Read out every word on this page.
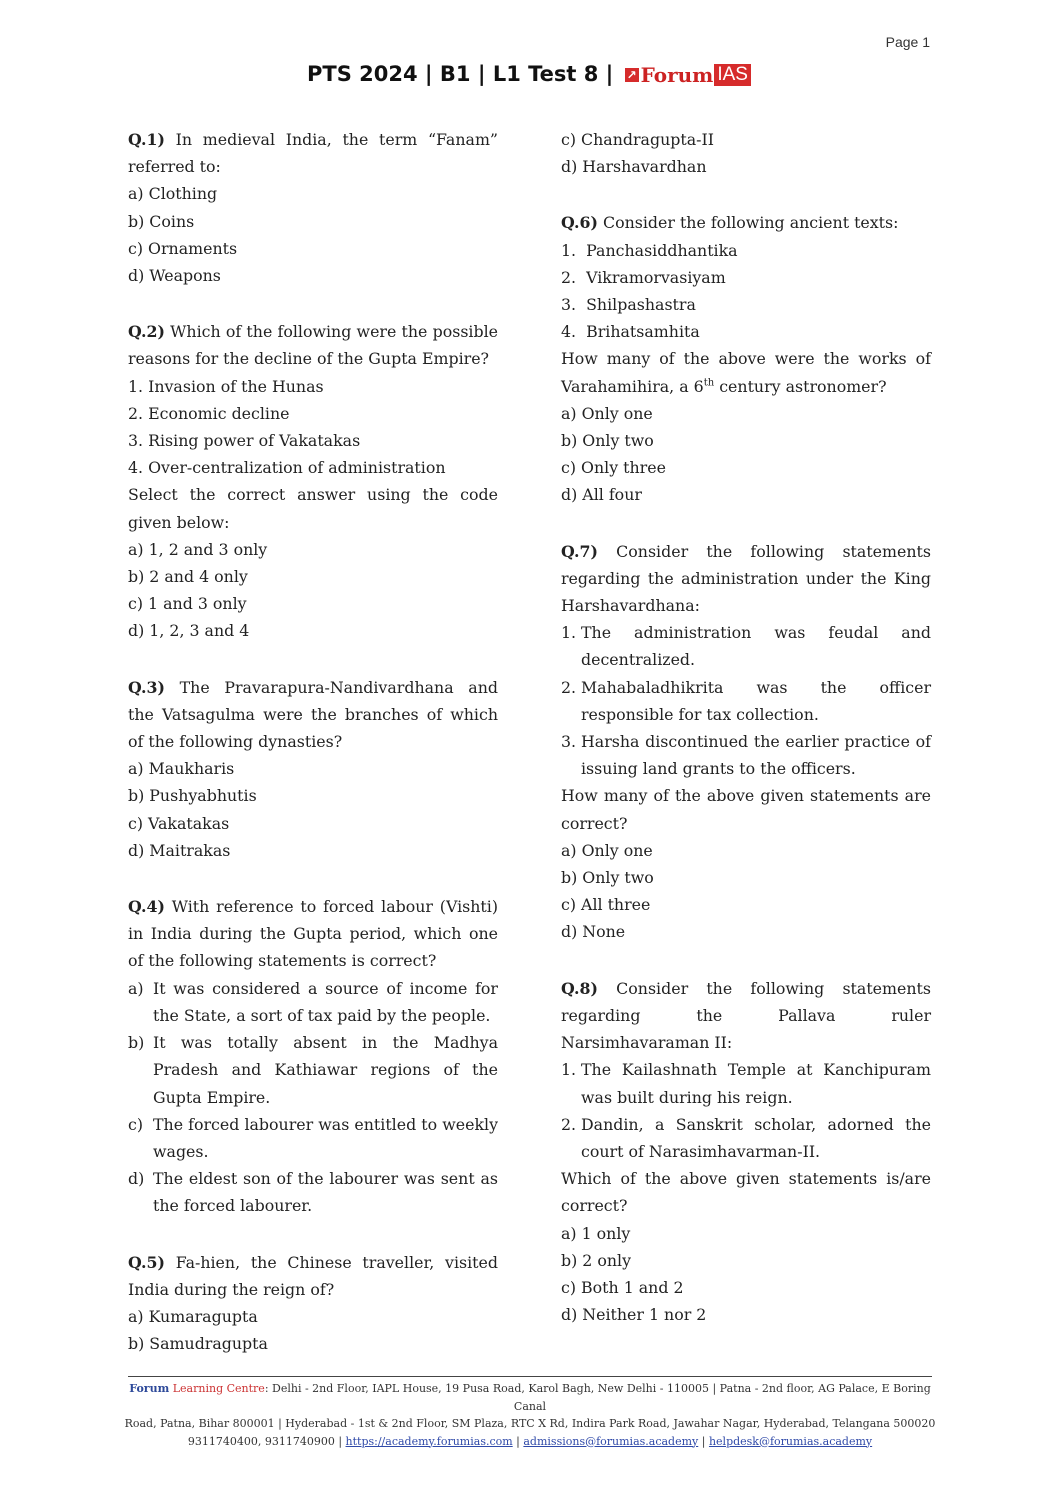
Page 1
PTS 2024 | B1 | L1 Test 8 | ↗ Forum IAS
Q.1) In medieval India, the term “Fanam” referred to:
a) Clothing
b) Coins
c) Ornaments
d) Weapons
Q.2) Which of the following were the possible reasons for the decline of the Gupta Empire?
1. Invasion of the Hunas
2. Economic decline
3. Rising power of Vakatakas
4. Over-centralization of administration
Select the correct answer using the code given below:
a) 1, 2 and 3 only
b) 2 and 4 only
c) 1 and 3 only
d) 1, 2, 3 and 4
Q.3) The Pravarapura-Nandivardhana and the Vatsagulma were the branches of which of the following dynasties?
a) Maukharis
b) Pushyabhutis
c) Vakatakas
d) Maitrakas
Q.4) With reference to forced labour (Vishti) in India during the Gupta period, which one of the following statements is correct?
a) It was considered a source of income for the State, a sort of tax paid by the people.
b) It was totally absent in the Madhya Pradesh and Kathiawar regions of the Gupta Empire.
c) The forced labourer was entitled to weekly wages.
d) The eldest son of the labourer was sent as the forced labourer.
Q.5) Fa-hien, the Chinese traveller, visited India during the reign of?
a) Kumaragupta
b) Samudragupta
c) Chandragupta-II
d) Harshavardhan
Q.6) Consider the following ancient texts:
1.  Panchasiddhantika
2.  Vikramorvasiyam
3.  Shilpashastra
4.  Brihatsamhita
How many of the above were the works of Varahamihira, a 6th century astronomer?
a) Only one
b) Only two
c) Only three
d) All four
Q.7) Consider the following statements regarding the administration under the King Harshavardhana:
1. The administration was feudal and decentralized.
2. Mahabaladhikrita was the officer responsible for tax collection.
3. Harsha discontinued the earlier practice of issuing land grants to the officers.
How many of the above given statements are correct?
a) Only one
b) Only two
c) All three
d) None
Q.8) Consider the following statements regarding the Pallava ruler Narsimhavaraman II:
1. The Kailashnath Temple at Kanchipuram was built during his reign.
2. Dandin, a Sanskrit scholar, adorned the court of Narasimhavarman-II.
Which of the above given statements is/are correct?
a) 1 only
b) 2 only
c) Both 1 and 2
d) Neither 1 nor 2
Forum Learning Centre: Delhi - 2nd Floor, IAPL House, 19 Pusa Road, Karol Bagh, New Delhi - 110005 | Patna - 2nd floor, AG Palace, E Boring Canal
Road, Patna, Bihar 800001 | Hyderabad - 1st & 2nd Floor, SM Plaza, RTC X Rd, Indira Park Road, Jawahar Nagar, Hyderabad, Telangana 500020
9311740400, 9311740900 | https://academy.forumias.com | admissions@forumias.academy | helpdesk@forumias.academy
